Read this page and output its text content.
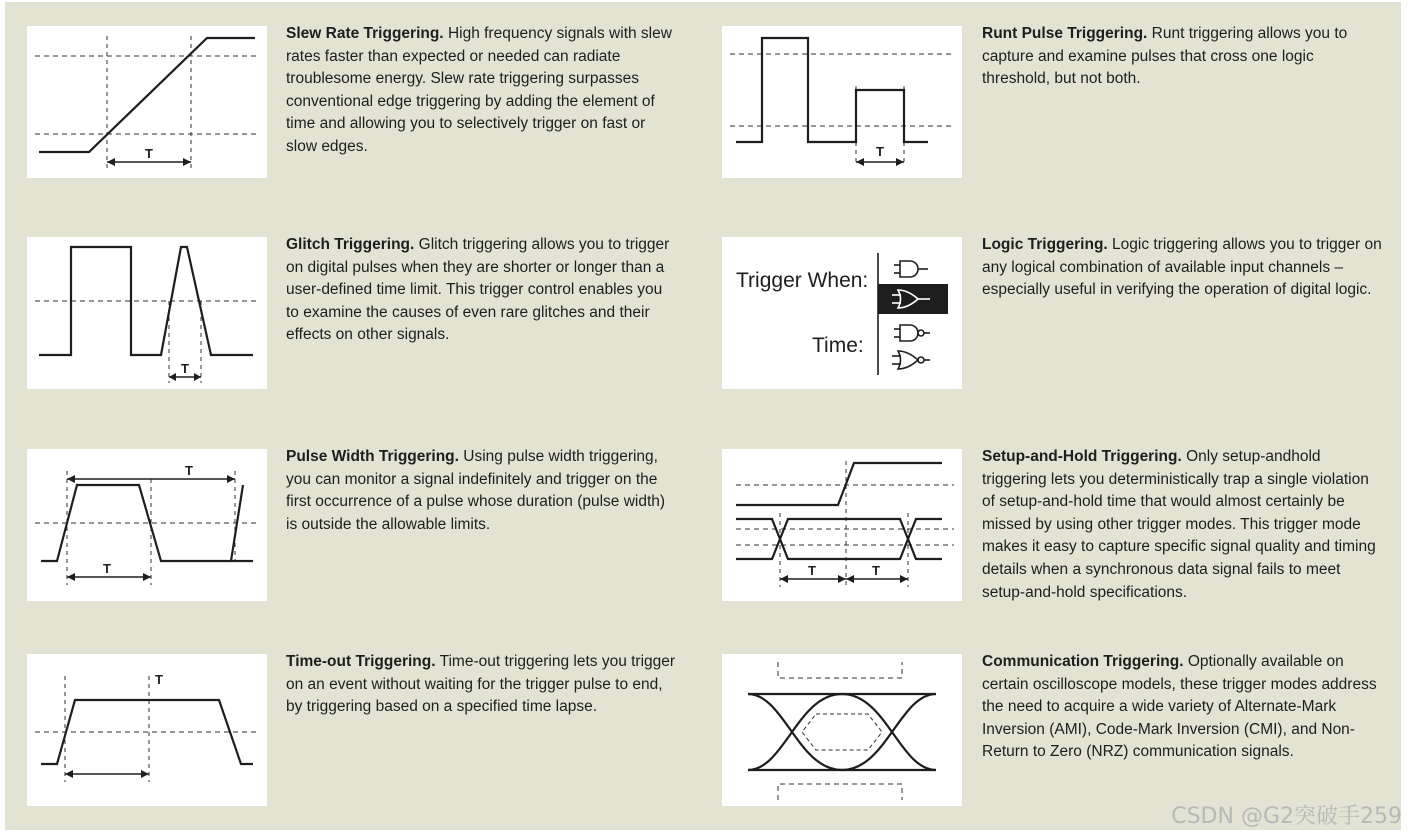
T

Slew Rate Triggering. High frequency signals with slew rates faster than expected or needed can radiate troublesome energy. Slew rate triggering surpasses conventional edge triggering by adding the element of time and allowing you to selectively trigger on fast or slow edges.

T

Glitch Triggering. Glitch triggering allows you to trigger on digital pulses when they are shorter or longer than a user-defined time limit. This trigger control enables you to examine the causes of even rare glitches and their effects on other signals.

T
T

Pulse Width Triggering. Using pulse width triggering, you can monitor a signal indefinitely and trigger on the first occurrence of a pulse whose duration (pulse width) is outside the allowable limits.

T

Time-out Triggering. Time-out triggering lets you trigger on an event without waiting for the trigger pulse to end, by triggering based on a specified time lapse.

T

Runt Pulse Triggering. Runt triggering allows you to capture and examine pulses that cross one logic threshold, but not both.

Trigger When:
Time:

Logic Triggering. Logic triggering allows you to trigger on any logical combination of available input channels – especially useful in verifying the operation of digital logic.

T	T

Setup-and-Hold Triggering. Only setup-andhold triggering lets you deterministically trap a single violation of setup-and-hold time that would almost certainly be missed by using other trigger modes. This trigger mode makes it easy to capture specific signal quality and timing details when a synchronous data signal fails to meet setup-and-hold specifications.

Communication Triggering. Optionally available on certain oscilloscope models, these trigger modes address the need to acquire a wide variety of Alternate-Mark Inversion (AMI), Code-Mark Inversion (CMI), and Non-Return to Zero (NRZ) communication signals.

CSDN @G2突破手259
